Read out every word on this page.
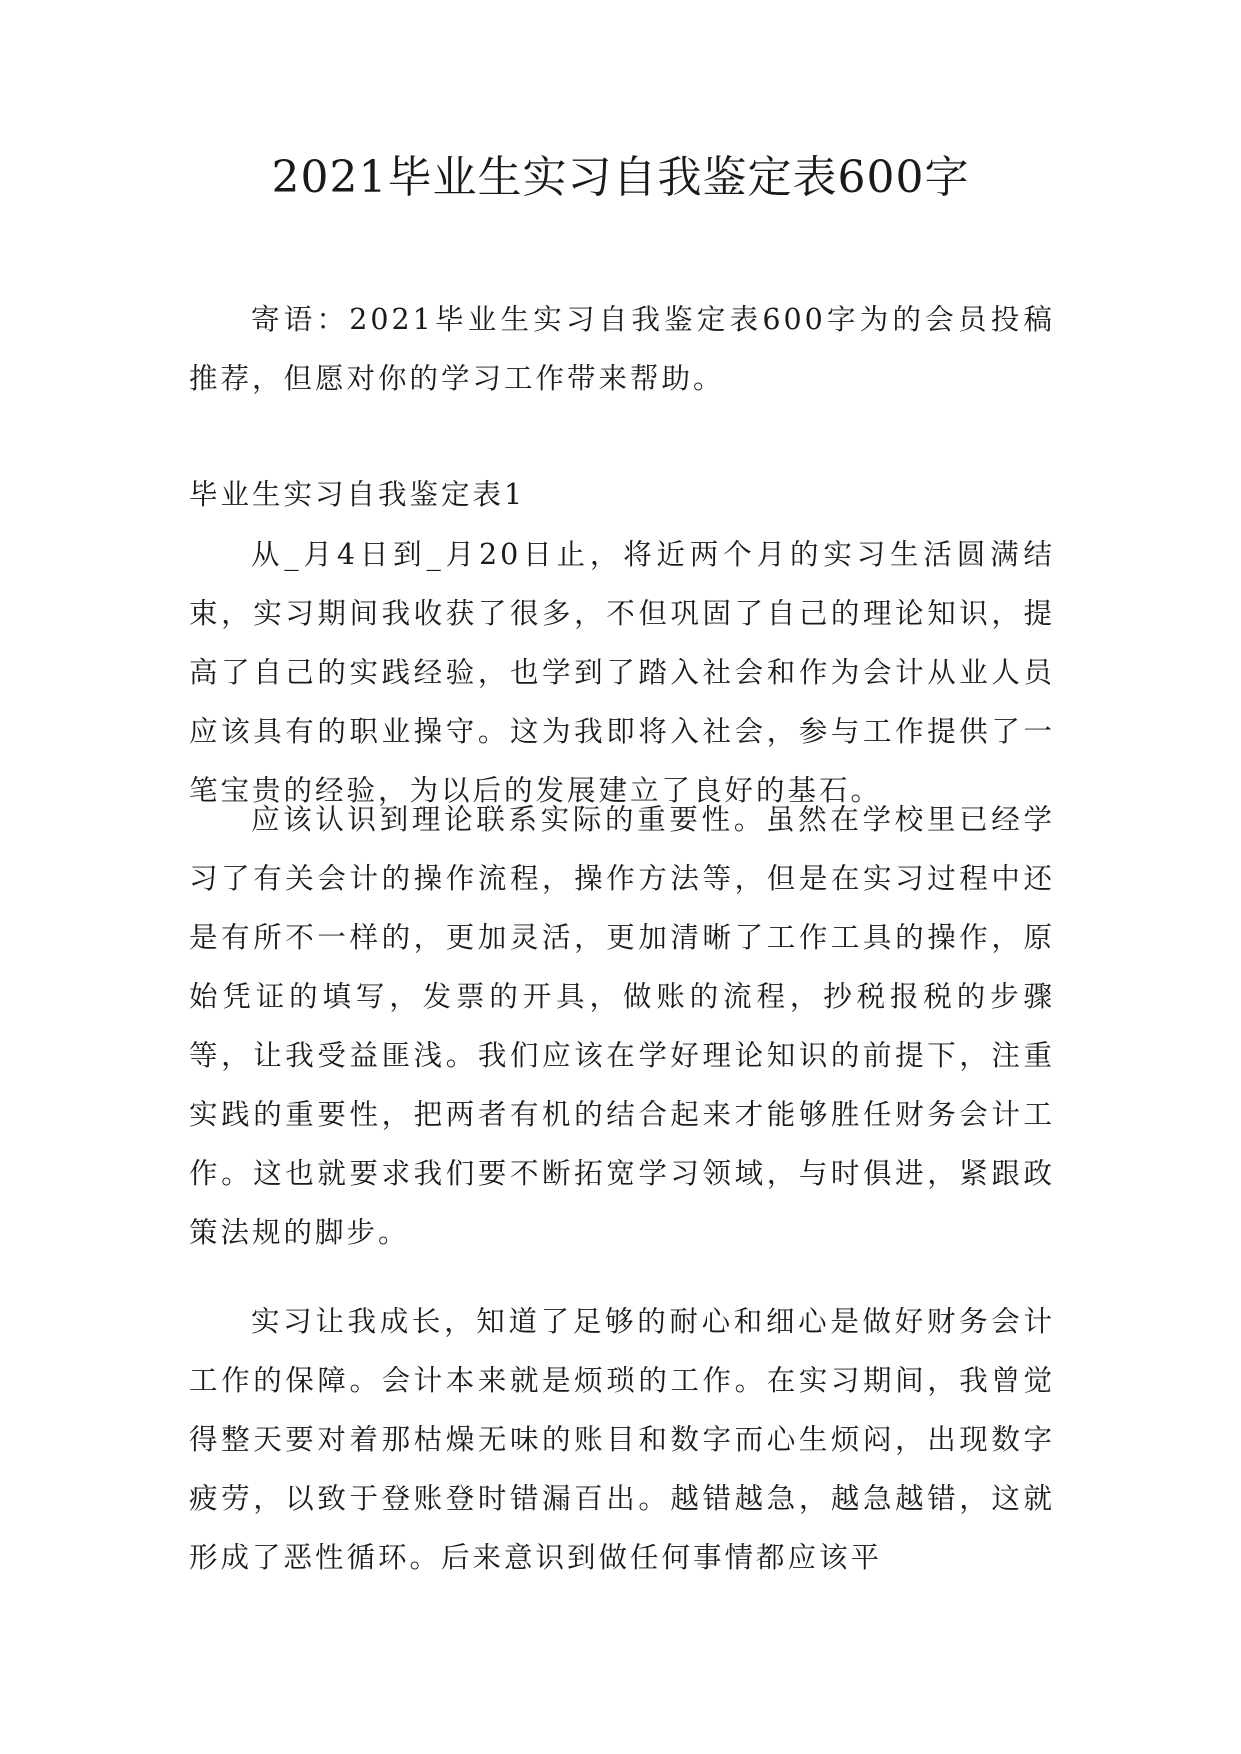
2021毕业生实习自我鉴定表600字

寄语：2021毕业生实习自我鉴定表600字为的会员投稿推荐，但愿对你的学习工作带来帮助。

毕业生实习自我鉴定表1

从_月4日到_月20日止，将近两个月的实习生活圆满结束，实习期间我收获了很多，不但巩固了自己的理论知识，提高了自己的实践经验，也学到了踏入社会和作为会计从业人员应该具有的职业操守。这为我即将入社会，参与工作提供了一笔宝贵的经验，为以后的发展建立了良好的基石。

应该认识到理论联系实际的重要性。虽然在学校里已经学习了有关会计的操作流程，操作方法等，但是在实习过程中还是有所不一样的，更加灵活，更加清晰了工作工具的操作，原始凭证的填写，发票的开具，做账的流程，抄税报税的步骤等，让我受益匪浅。我们应该在学好理论知识的前提下，注重实践的重要性，把两者有机的结合起来才能够胜任财务会计工作。这也就要求我们要不断拓宽学习领域，与时俱进，紧跟政策法规的脚步。

实习让我成长，知道了足够的耐心和细心是做好财务会计工作的保障。会计本来就是烦琐的工作。在实习期间，我曾觉得整天要对着那枯燥无味的账目和数字而心生烦闷，出现数字疲劳，以致于登账登时错漏百出。越错越急，越急越错，这就形成了恶性循环。后来意识到做任何事情都应该平
